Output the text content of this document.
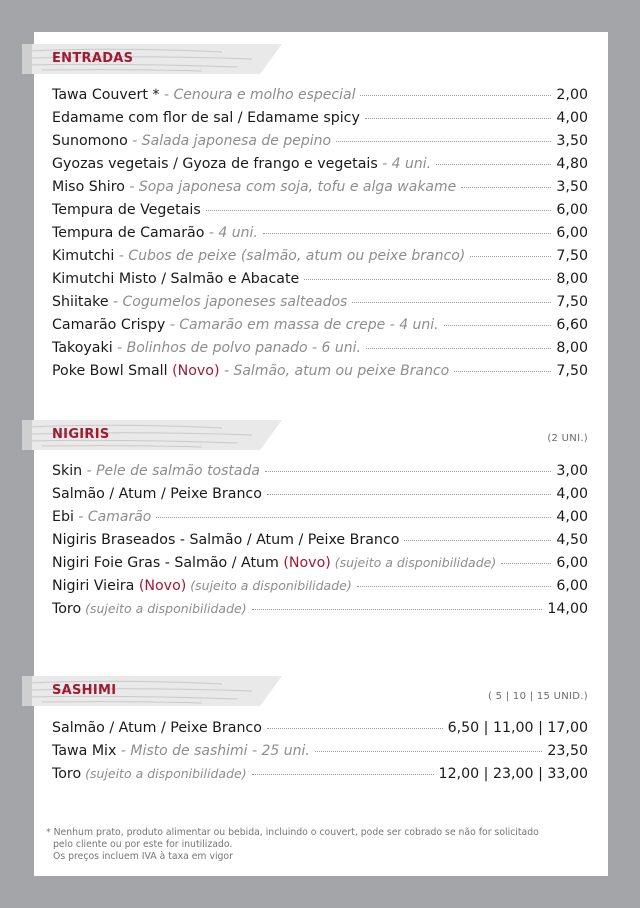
ENTRADAS
Tawa Couvert * - Cenoura e molho especial	2,00
Edamame com flor de sal / Edamame spicy	4,00
Sunomono - Salada japonesa de pepino	3,50
Gyozas vegetais / Gyoza de frango e vegetais - 4 uni.	4,80
Miso Shiro - Sopa japonesa com soja, tofu e alga wakame	3,50
Tempura de Vegetais	6,00
Tempura de Camarão - 4 uni.	6,00
Kimutchi - Cubos de peixe (salmão, atum ou peixe branco)	7,50
Kimutchi Misto / Salmão e Abacate	8,00
Shiitake - Cogumelos japoneses salteados	7,50
Camarão Crispy - Camarão em massa de crepe - 4 uni.	6,60
Takoyaki - Bolinhos de polvo panado - 6 uni.	8,00
Poke Bowl Small (Novo) - Salmão, atum ou peixe Branco	7,50
NIGIRIS	(2 UNI.)
Skin - Pele de salmão tostada	3,00
Salmão / Atum / Peixe Branco	4,00
Ebi - Camarão	4,00
Nigiris Braseados - Salmão / Atum / Peixe Branco	4,50
Nigiri Foie Gras - Salmão / Atum (Novo) (sujeito a disponibilidade)	6,00
Nigiri Vieira (Novo) (sujeito a disponibilidade)	6,00
Toro (sujeito a disponibilidade)	14,00
SASHIMI	( 5 | 10 | 15 UNID.)
Salmão / Atum / Peixe Branco	6,50 | 11,00 | 17,00
Tawa Mix - Misto de sashimi - 25 uni.	23,50
Toro (sujeito a disponibilidade)	12,00 | 23,00 | 33,00
* Nenhum prato, produto alimentar ou bebida, incluindo o couvert, pode ser cobrado se não for solicitado
pelo cliente ou por este for inutilizado.
Os preços incluem IVA à taxa em vigor
